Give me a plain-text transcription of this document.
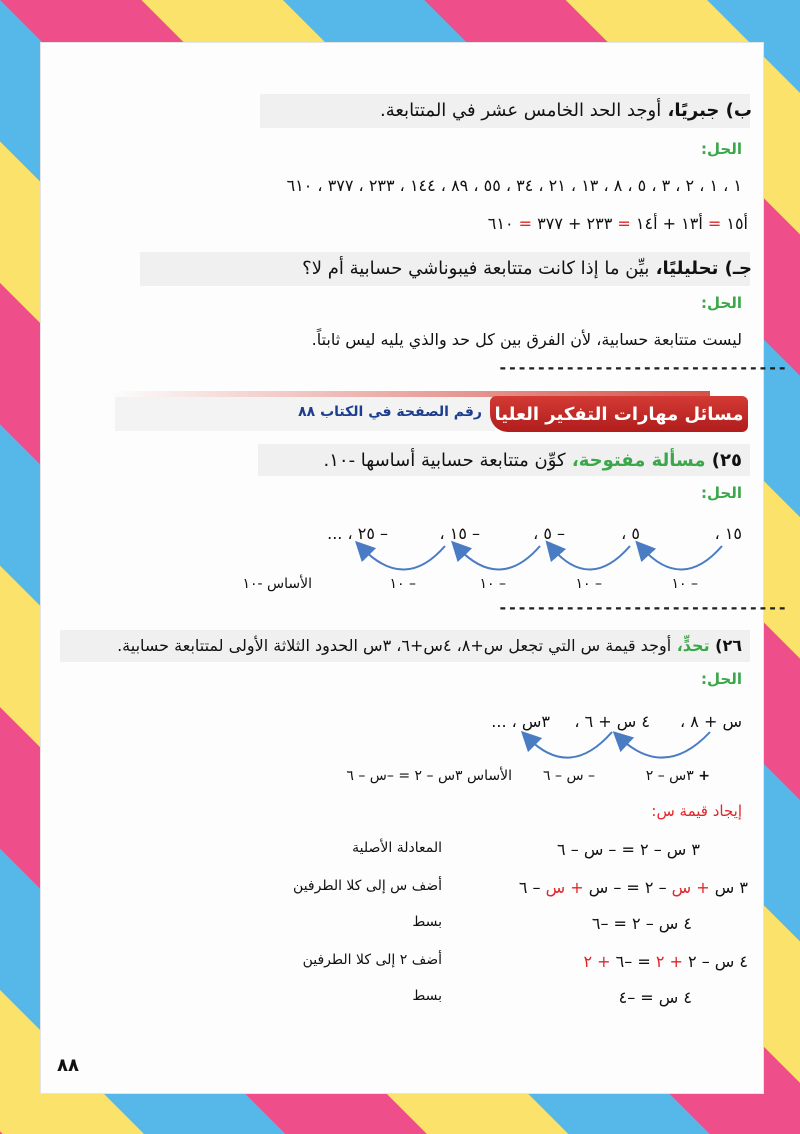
ب) جبريًا، أوجد الحد الخامس عشر في المتتابعة.
الحل:
١ ، ١ ، ٢ ، ٣ ، ٥ ، ٨ ، ١٣ ، ٢١ ، ٣٤ ، ٥٥ ، ٨٩ ، ١٤٤ ، ٢٣٣ ، ٣٧٧ ، ٦١٠
أ١٥ = أ١٣ + أ١٤ = ٢٣٣ + ٣٧٧ = ٦١٠
جـ) تحليليًا، بيِّن ما إذا كانت متتابعة فيبوناشي حسابية أم لا؟
الحل:
ليست متتابعة حسابية، لأن الفرق بين كل حد والذي يليه ليس ثابتاً.
------------------------------
مسائل مهارات التفكير العليا
رقم الصفحة في الكتاب ٨٨
٢٥) مسألة مفتوحة، كوِّن متتابعة حسابية أساسها -١٠.
الحل:
١٥ ،
٥ ،
– ٥ ،
– ١٥ ،
– ٢٥ ، ...
– ١٠
– ١٠
– ١٠
– ١٠
الأساس -١٠
------------------------------
٢٦) تحدٍّ، أوجد قيمة س التي تجعل س+٨، ٤س+٦، ٣س الحدود الثلاثة الأولى لمتتابعة حسابية.
الحل:
س + ٨ ،
٤ س + ٦ ،
٣س ، ...
+ ٣س – ٢
– س – ٦
الأساس ٣س – ٢ = –س – ٦
إيجاد قيمة س:
٣ س – ٢ = – س – ٦
المعادلة الأصلية
٣ س + س – ٢ = – س + س – ٦
أضف س إلى كلا الطرفين
٤ س – ٢ = –٦
بسط
٤ س – ٢ + ٢ = –٦ + ٢
أضف ٢ إلى كلا الطرفين
٤ س = –٤
بسط
٨٨
